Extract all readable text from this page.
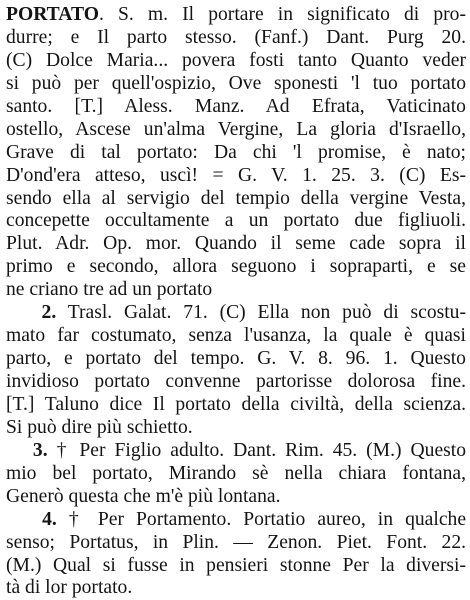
PORTATO. S. m. Il portare in significato di pro-
durre; e Il parto stesso. (Fanf.) Dant. Purg 20.
(C) Dolce Maria... povera fosti tanto Quanto veder
si può per quell'ospizio, Ove sponesti 'l tuo portato
santo. [T.] Aless. Manz. Ad Efrata, Vaticinato
ostello, Ascese un'alma Vergine, La gloria d'Israello,
Grave di tal portato: Da chi 'l promise, è nato;
D'ond'era atteso, uscì! = G. V. 1. 25. 3. (C) Es-
sendo ella al servigio del tempio della vergine Vesta,
concepette occultamente a un portato due figliuoli.
Plut. Adr. Op. mor. Quando il seme cade sopra il
primo e secondo, allora seguono i sopraparti, e se
ne criano tre ad un portato
2. Trasl. Galat. 71. (C) Ella non può di scostu-
mato far costumato, senza l'usanza, la quale è quasi
parto, e portato del tempo. G. V. 8. 96. 1. Questo
invidioso portato convenne partorisse dolorosa fine.
[T.] Taluno dice Il portato della civiltà, della scienza.
Si può dire più schietto.
3. † Per Figlio adulto. Dant. Rim. 45. (M.) Questo
mio bel portato, Mirando sè nella chiara fontana,
Generò questa che m'è più lontana.
4. † Per Portamento. Portatio aureo, in qualche
senso; Portatus, in Plin. — Zenon. Piet. Font. 22.
(M.) Qual si fusse in pensieri stonne Per la diversi-
tà di lor portato.
